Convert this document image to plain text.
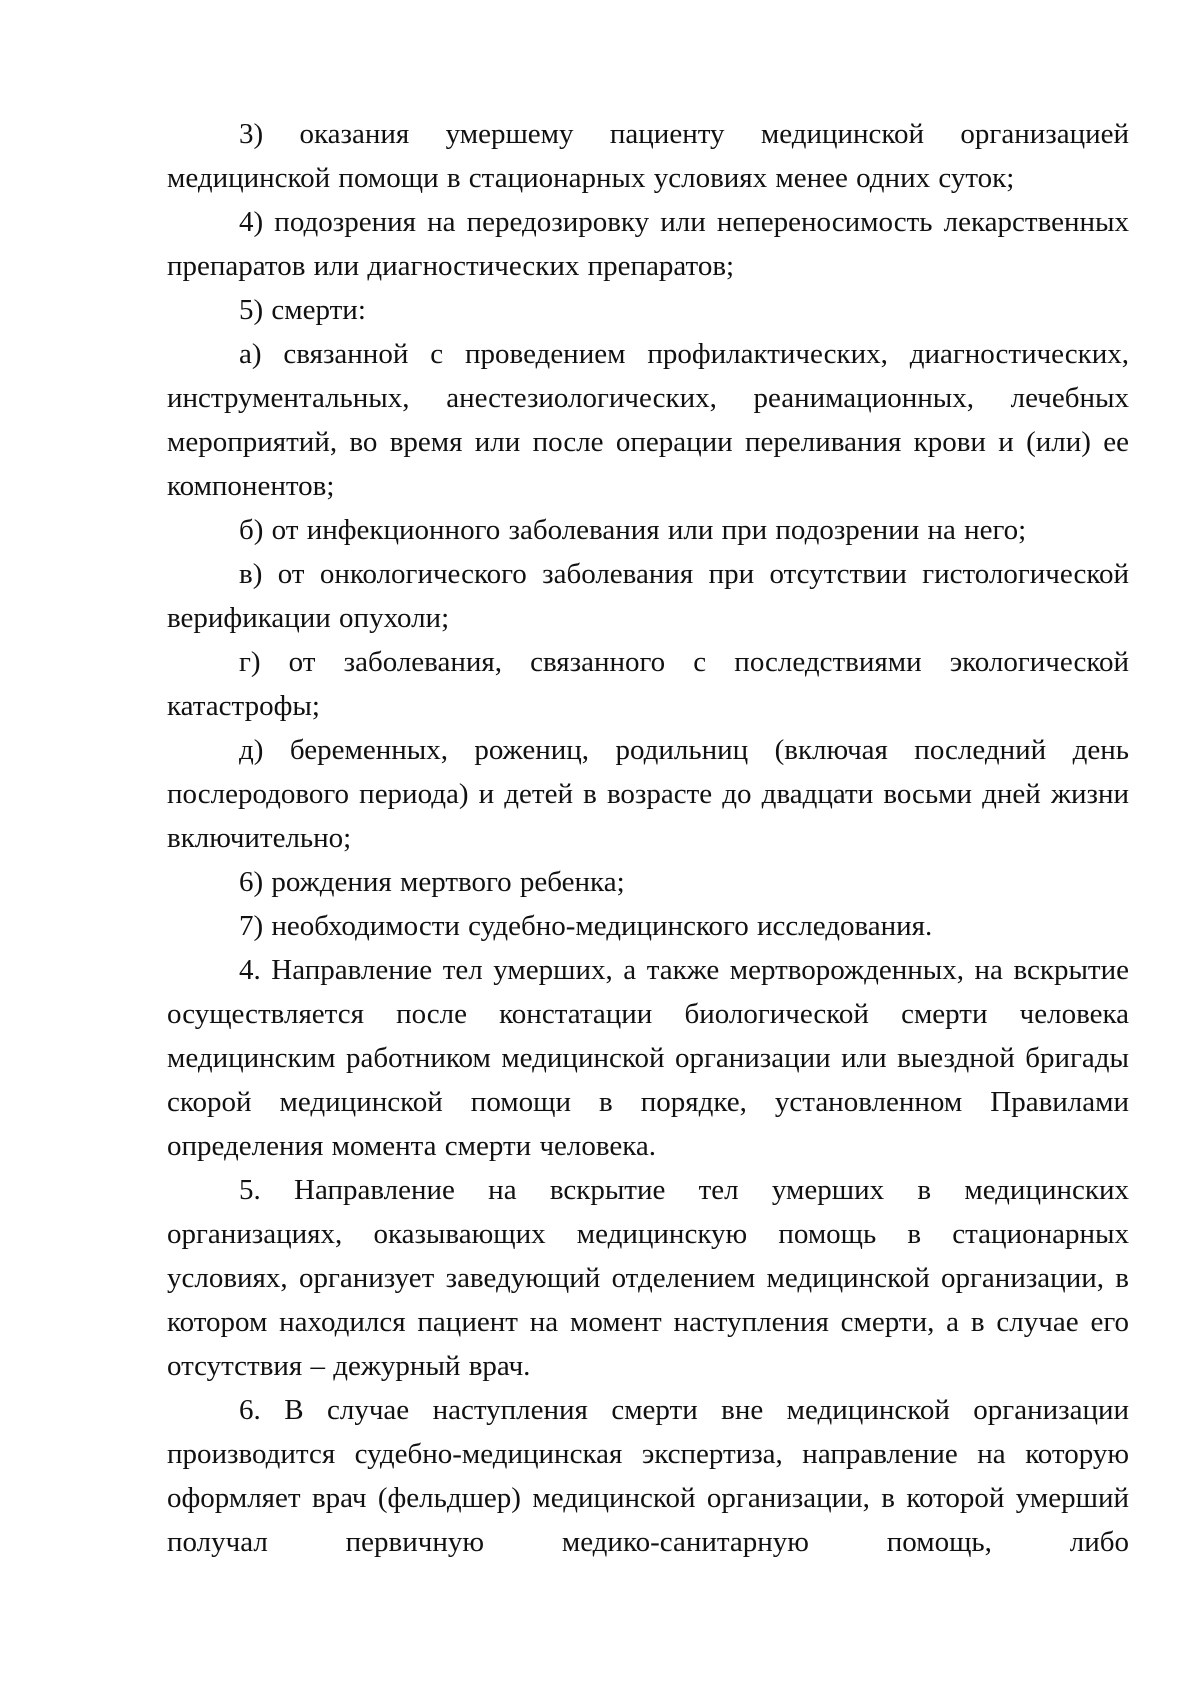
3) оказания умершему пациенту медицинской организацией медицинской помощи в стационарных условиях менее одних суток;

4) подозрения на передозировку или непереносимость лекарственных препаратов или диагностических препаратов;

5) смерти:

а) связанной с проведением профилактических, диагностических, инструментальных, анестезиологических, реанимационных, лечебных мероприятий, во время или после операции переливания крови и (или) ее компонентов;

б) от инфекционного заболевания или при подозрении на него;

в) от онкологического заболевания при отсутствии гистологической верификации опухоли;

г) от заболевания, связанного с последствиями экологической катастрофы;

д) беременных, рожениц, родильниц (включая последний день послеродового периода) и детей в возрасте до двадцати восьми дней жизни включительно;

6) рождения мертвого ребенка;

7) необходимости судебно-медицинского исследования.

4. Направление тел умерших, а также мертворожденных, на вскрытие осуществляется после констатации биологической смерти человека медицинским работником медицинской организации или выездной бригады скорой медицинской помощи в порядке, установленном Правилами определения момента смерти человека.

5. Направление на вскрытие тел умерших в медицинских организациях, оказывающих медицинскую помощь в стационарных условиях, организует заведующий отделением медицинской организации, в котором находился пациент на момент наступления смерти, а в случае его отсутствия – дежурный врач.

6. В случае наступления смерти вне медицинской организации производится судебно-медицинская экспертиза, направление на которую оформляет врач (фельдшер) медицинской организации, в которой умерший получал первичную медико-санитарную помощь, либо
